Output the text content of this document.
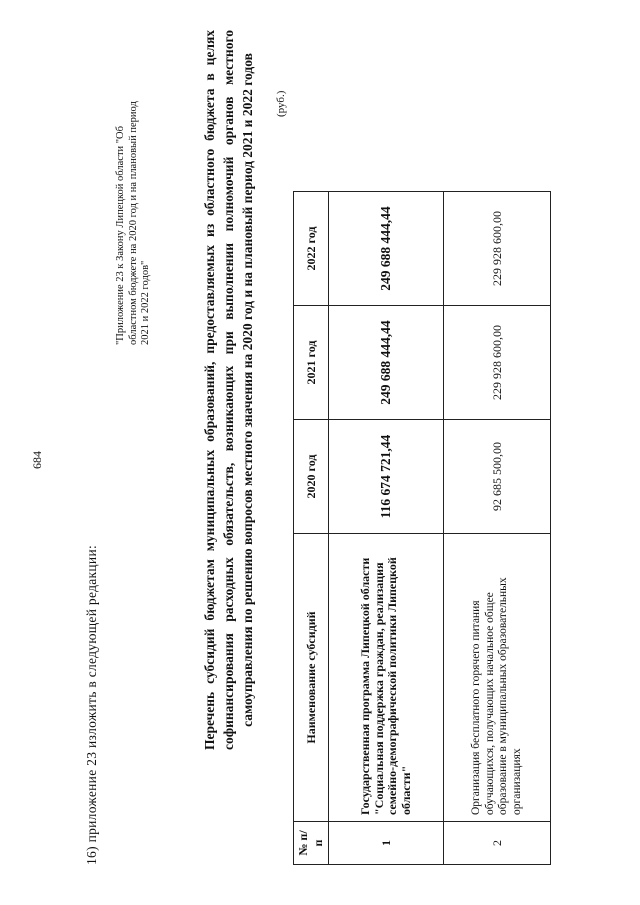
684
16) приложение 23 изложить в следующей редакции:
"Приложение 23 к Закону Липецкой области "Об областном бюджете на 2020 год и на плановый период 2021 и 2022 годов"	Перечень субсидий бюджетам муниципальных образований, предоставляемых из областного бюджета в целях софинансирования расходных обязательств, возникающих при выполнении полномочий органов местного самоуправления по решению вопросов местного значения на 2020 год и на плановый период 2021 и 2022 годов (руб.)
№ п/п	Наименование субсидий	2020 год	2021 год	2022 год
1	Государственная программа Липецкой области "Социальная поддержка граждан, реализация семейно-демографической политики Липецкой области"	116 674 721,44	249 688 444,44	249 688 444,44
2	Организация бесплатного горячего питания обучающихся, получающих начальное общее образование в муниципальных образовательных организациях	92 685 500,00	229 928 600,00	229 928 600,00
